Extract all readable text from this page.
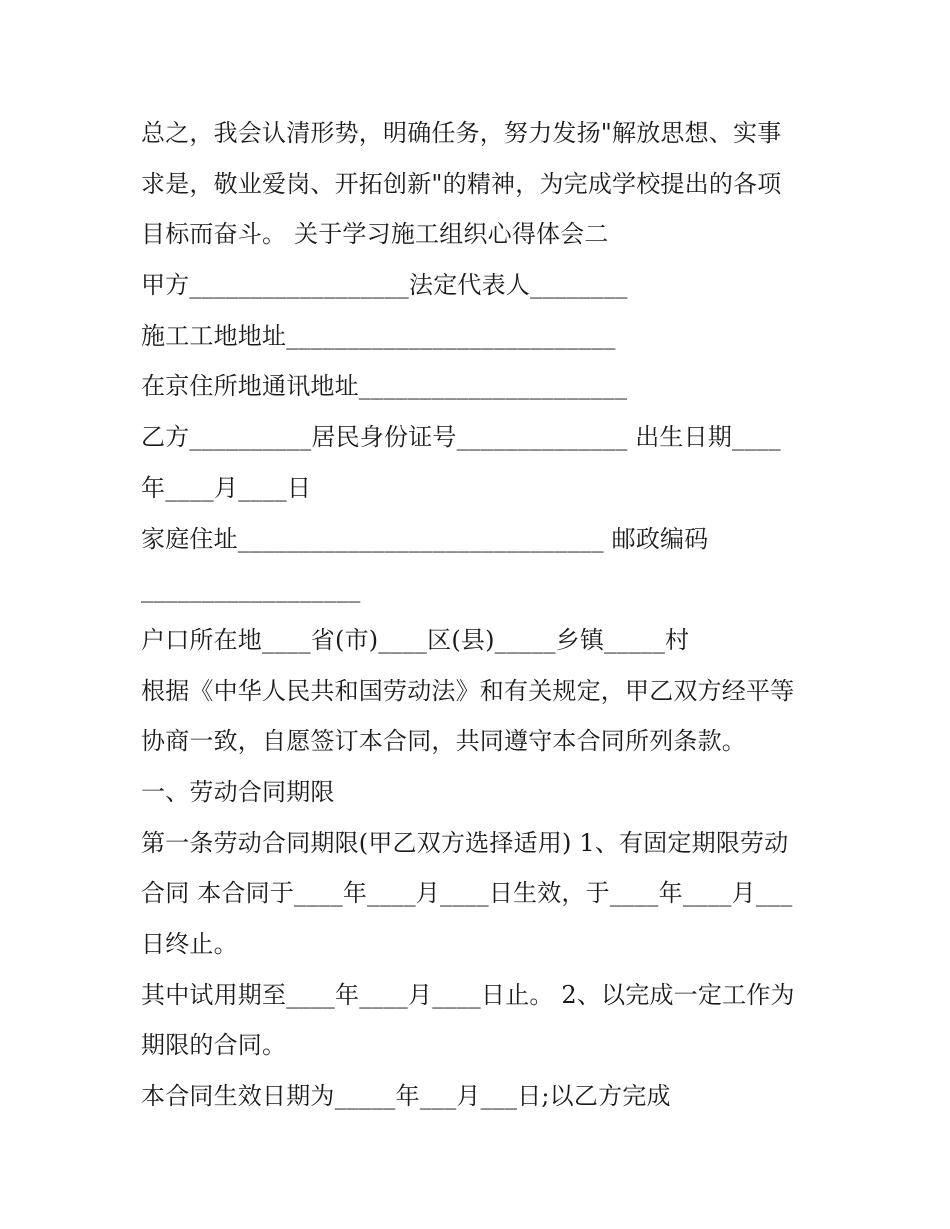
总之，我会认清形势，明确任务，努力发扬"解放思想、实事
求是，敬业爱岗、开拓创新"的精神，为完成学校提出的各项
目标而奋斗。 关于学习施工组织心得体会二
甲方__________________法定代表人________
施工工地地址___________________________
在京住所地通讯地址______________________
乙方__________居民身份证号______________ 出生日期____
年____月____日
家庭住址______________________________ 邮政编码
__________________
户口所在地____省(市)____区(县)_____乡镇_____村
根据《中华人民共和国劳动法》和有关规定，甲乙双方经平等
协商一致，自愿签订本合同，共同遵守本合同所列条款。
一、劳动合同期限
第一条劳动合同期限(甲乙双方选择适用) 1、有固定期限劳动
合同 本合同于____年____月____日生效，于____年____月___
日终止。
其中试用期至____年____月____日止。 2、以完成一定工作为
期限的合同。
本合同生效日期为_____年___月___日;以乙方完成
